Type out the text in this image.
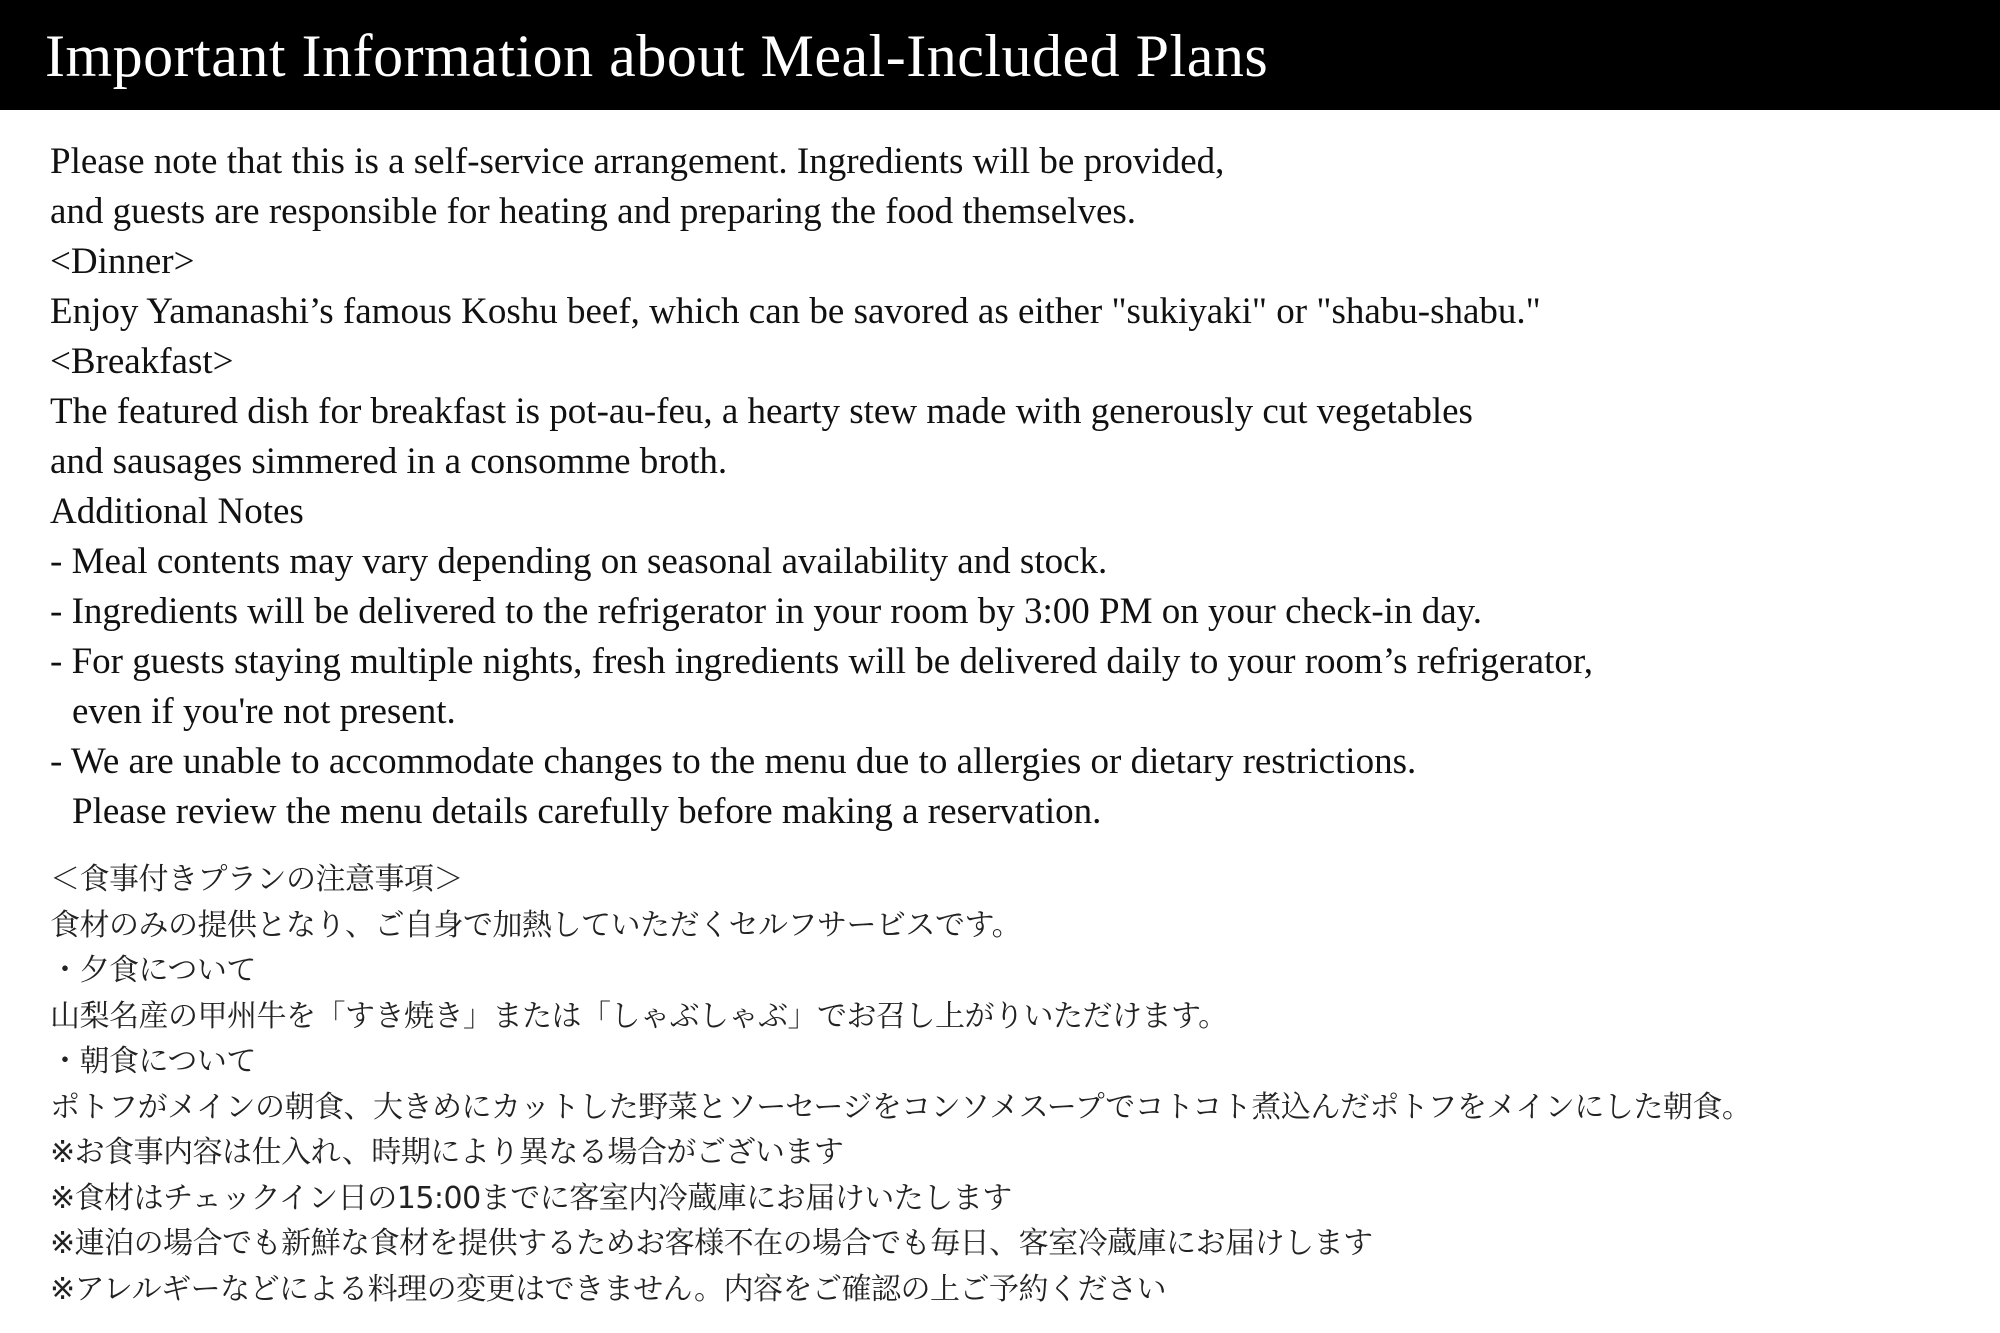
Important Information about Meal-Included Plans
Please note that this is a self-service arrangement. Ingredients will be provided,
and guests are responsible for heating and preparing the food themselves.
<Dinner>
Enjoy Yamanashi’s famous Koshu beef, which can be savored as either "sukiyaki" or "shabu-shabu."
<Breakfast>
The featured dish for breakfast is pot-au-feu, a hearty stew made with generously cut vegetables
and sausages simmered in a consomme broth.
Additional Notes
- Meal contents may vary depending on seasonal availability and stock.
- Ingredients will be delivered to the refrigerator in your room by 3:00 PM on your check-in day.
- For guests staying multiple nights, fresh ingredients will be delivered daily to your room’s refrigerator,
even if you're not present.
- We are unable to accommodate changes to the menu due to allergies or dietary restrictions.
Please review the menu details carefully before making a reservation.
＜食事付きプランの注意事項＞
食材のみの提供となり、ご自身で加熱していただくセルフサービスです。
・夕食について
山梨名産の甲州牛を「すき焼き」または「しゃぶしゃぶ」でお召し上がりいただけます。
・朝食について
ポトフがメインの朝食、大きめにカットした野菜とソーセージをコンソメスープでコトコト煮込んだポトフをメインにした朝食。
※お食事内容は仕入れ、時期により異なる場合がございます
※食材はチェックイン日の15:00までに客室内冷蔵庫にお届けいたします
※連泊の場合でも新鮮な食材を提供するためお客様不在の場合でも毎日、客室冷蔵庫にお届けします
※アレルギーなどによる料理の変更はできません。内容をご確認の上ご予約ください
